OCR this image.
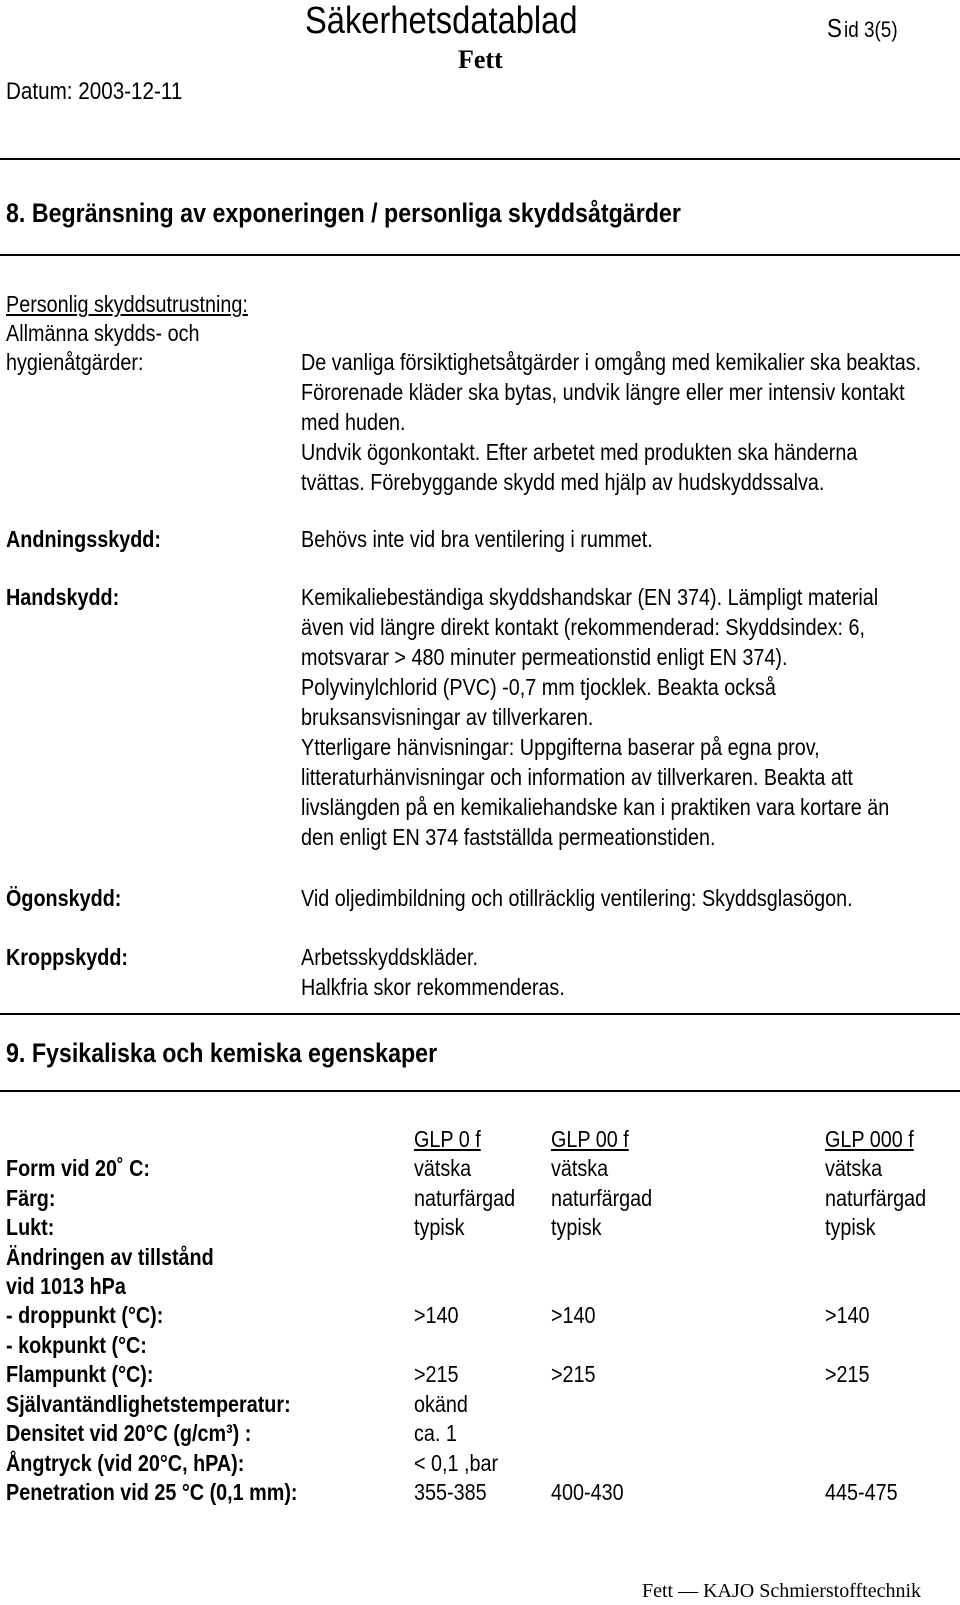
Säkerhetsdatablad
Fett
S id 3(5)
Datum: 2003-12-11
8. Begränsning av exponeringen / personliga skyddsåtgärder
Personlig skyddsutrustning:
Allmänna skydds- och
hygienåtgärder:	De vanliga försiktighetsåtgärder i omgång med kemikalier ska beaktas.
Förorenade kläder ska bytas, undvik längre eller mer intensiv kontakt
med huden.
Undvik ögonkontakt. Efter arbetet med produkten ska händerna
tvättas. Förebyggande skydd med hjälp av hudskyddssalva.
Andningsskydd:	Behövs inte vid bra ventilering i rummet.
Handskydd:	Kemikaliebeständiga skyddshandskar (EN 374). Lämpligt material
även vid längre direkt kontakt (rekommenderad: Skyddsindex: 6,
motsvarar > 480 minuter permeationstid enligt EN 374).
Polyvinylchlorid (PVC) -0,7 mm tjocklek. Beakta också
bruksansvisningar av tillverkaren.
Ytterligare hänvisningar: Uppgifterna baserar på egna prov,
litteraturhänvisningar och information av tillverkaren. Beakta att
livslängden på en kemikaliehandske kan i praktiken vara kortare än
den enligt EN 374 fastställda permeationstiden.
Ögonskydd:	Vid oljedimbildning och otillräcklig ventilering: Skyddsglasögon.
Kroppskydd:	Arbetsskyddskläder.
Halkfria skor rekommenderas.
9. Fysikaliska och kemiska egenskaper
GLP 0 f	GLP 00 f	GLP 000 f
Form vid 20˚ C:	vätska	vätska	vätska
Färg:	naturfärgad	naturfärgad	naturfärgad
Lukt:	typisk	typisk	typisk
Ändringen av tillstånd
vid 1013 hPa
- droppunkt (°C):	>140	>140	>140
- kokpunkt (°C:
Flampunkt (°C):	>215	>215	>215
Självantändlighetstemperatur:	okänd
Densitet vid 20°C (g/cm³) :	ca. 1
Ångtryck (vid 20°C, hPA):	< 0,1 ,bar
Penetration vid 25 °C (0,1 mm):	355-385	400-430	445-475
Fett — KAJO Schmierstofftechnik
